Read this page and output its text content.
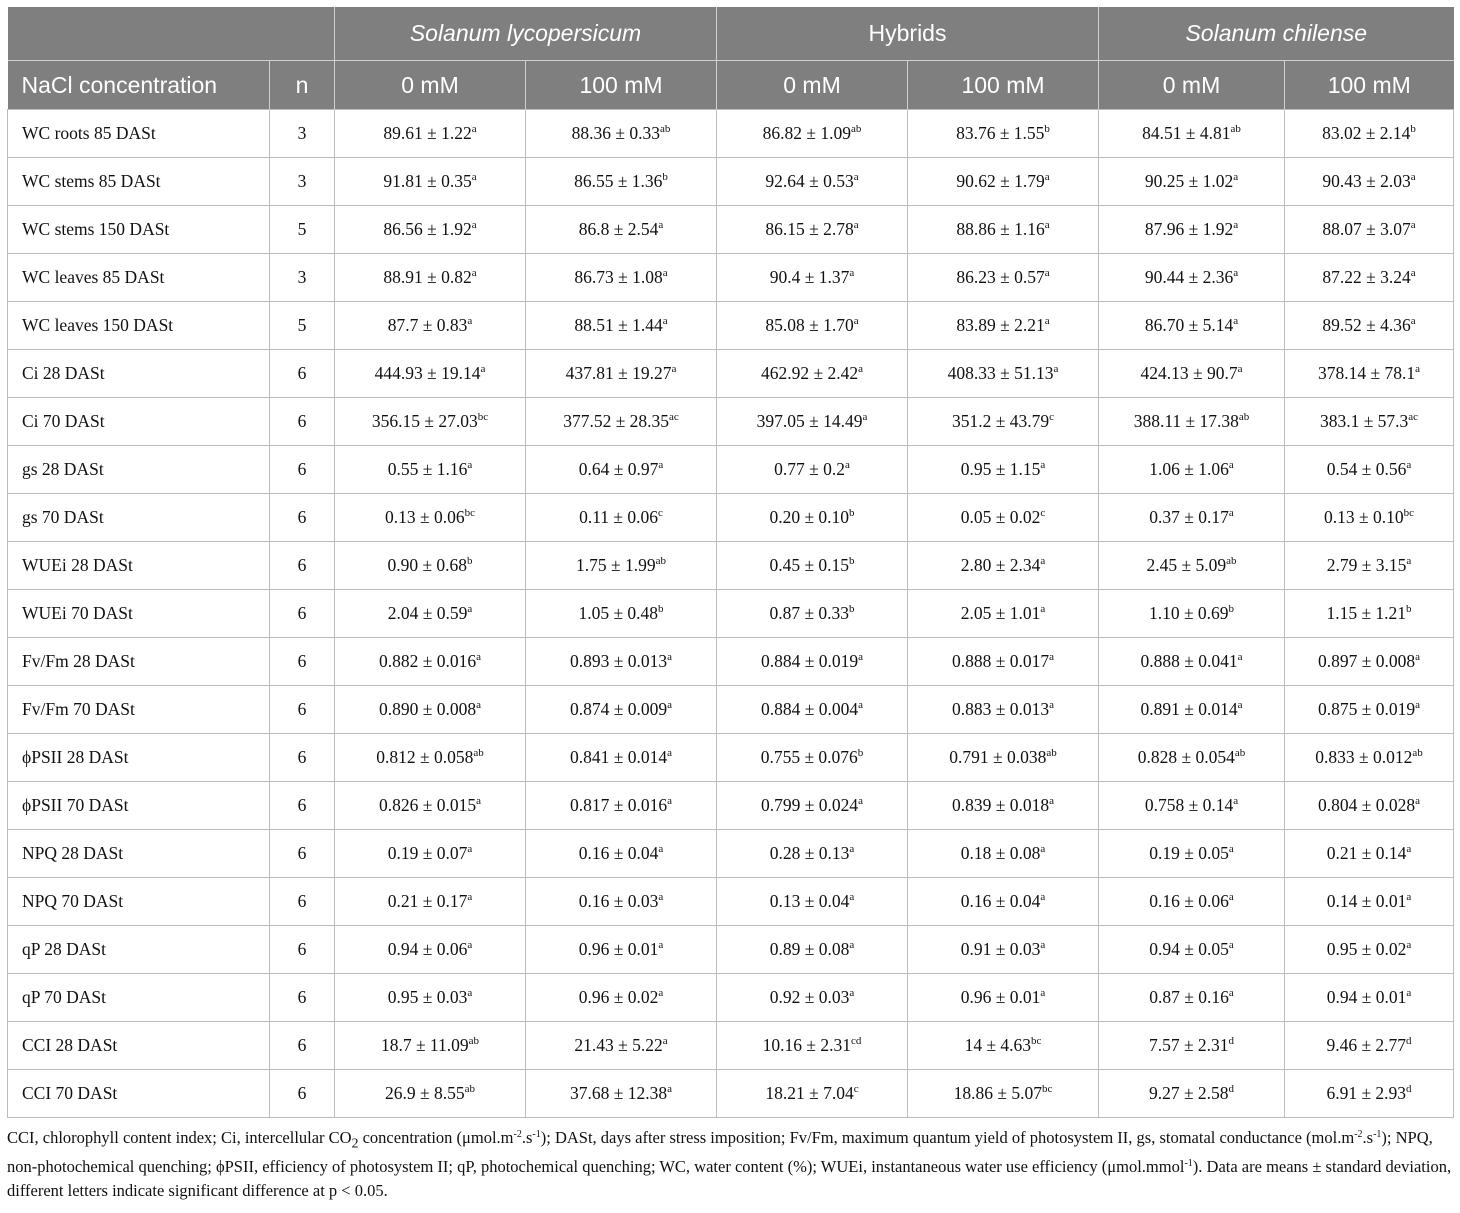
		Solanum lycopersicum		Hybrids		Solanum chilense	
NaCl concentration	n	0 mM	100 mM	0 mM	100 mM	0 mM	100 mM
WC roots 85 DASt	3	89.61 ± 1.22$^a$	88.36 ± 0.33$^{ab}$	86.82 ± 1.09$^{ab}$	83.76 ± 1.55$^b$	84.51 ± 4.81$^{ab}$	83.02 ± 2.14$^b$
WC stems 85 DASt	3	91.81 ± 0.35$^a$	86.55 ± 1.36$^b$	92.64 ± 0.53$^a$	90.62 ± 1.79$^a$	90.25 ± 1.02$^a$	90.43 ± 2.03$^a$
WC stems 150 DASt	5	86.56 ± 1.92$^a$	86.8 ± 2.54$^a$	86.15 ± 2.78$^a$	88.86 ± 1.16$^a$	87.96 ± 1.92$^a$	88.07 ± 3.07$^a$
WC leaves 85 DASt	3	88.91 ± 0.82$^a$	86.73 ± 1.08$^a$	90.4 ± 1.37$^a$	86.23 ± 0.57$^a$	90.44 ± 2.36$^a$	87.22 ± 3.24$^a$
WC leaves 150 DASt	5	87.7 ± 0.83$^a$	88.51 ± 1.44$^a$	85.08 ± 1.70$^a$	83.89 ± 2.21$^a$	86.70 ± 5.14$^a$	89.52 ± 4.36$^a$
Ci 28 DASt	6	444.93 ± 19.14$^a$	437.81 ± 19.27$^a$	462.92 ± 2.42$^a$	408.33 ± 51.13$^a$	424.13 ± 90.7$^a$	378.14 ± 78.1$^a$
Ci 70 DASt	6	356.15 ± 27.03$^{bc}$	377.52 ± 28.35$^{ac}$	397.05 ± 14.49$^a$	351.2 ± 43.79$^c$	388.11 ± 17.38$^{ab}$	383.1 ± 57.3$^{ac}$
gs 28 DASt	6	0.55 ± 1.16$^a$	0.64 ± 0.97$^a$	0.77 ± 0.2$^a$	0.95 ± 1.15$^a$	1.06 ± 1.06$^a$	0.54 ± 0.56$^a$
gs 70 DASt	6	0.13 ± 0.06$^{bc}$	0.11 ± 0.06$^c$	0.20 ± 0.10$^b$	0.05 ± 0.02$^c$	0.37 ± 0.17$^a$	0.13 ± 0.10$^{bc}$
WUEi 28 DASt	6	0.90 ± 0.68$^b$	1.75 ± 1.99$^{ab}$	0.45 ± 0.15$^b$	2.80 ± 2.34$^a$	2.45 ± 5.09$^{ab}$	2.79 ± 3.15$^a$
WUEi 70 DASt	6	2.04 ± 0.59$^a$	1.05 ± 0.48$^b$	0.87 ± 0.33$^b$	2.05 ± 1.01$^a$	1.10 ± 0.69$^b$	1.15 ± 1.21$^b$
Fv/Fm 28 DASt	6	0.882 ± 0.016$^a$	0.893 ± 0.013$^a$	0.884 ± 0.019$^a$	0.888 ± 0.017$^a$	0.888 ± 0.041$^a$	0.897 ± 0.008$^a$
Fv/Fm 70 DASt	6	0.890 ± 0.008$^a$	0.874 ± 0.009$^a$	0.884 ± 0.004$^a$	0.883 ± 0.013$^a$	0.891 ± 0.014$^a$	0.875 ± 0.019$^a$
ϕPSII 28 DASt	6	0.812 ± 0.058$^{ab}$	0.841 ± 0.014$^a$	0.755 ± 0.076$^b$	0.791 ± 0.038$^{ab}$	0.828 ± 0.054$^{ab}$	0.833 ± 0.012$^{ab}$
ϕPSII 70 DASt	6	0.826 ± 0.015$^a$	0.817 ± 0.016$^a$	0.799 ± 0.024$^a$	0.839 ± 0.018$^a$	0.758 ± 0.14$^a$	0.804 ± 0.028$^a$
NPQ 28 DASt	6	0.19 ± 0.07$^a$	0.16 ± 0.04$^a$	0.28 ± 0.13$^a$	0.18 ± 0.08$^a$	0.19 ± 0.05$^a$	0.21 ± 0.14$^a$
NPQ 70 DASt	6	0.21 ± 0.17$^a$	0.16 ± 0.03$^a$	0.13 ± 0.04$^a$	0.16 ± 0.04$^a$	0.16 ± 0.06$^a$	0.14 ± 0.01$^a$
qP 28 DASt	6	0.94 ± 0.06$^a$	0.96 ± 0.01$^a$	0.89 ± 0.08$^a$	0.91 ± 0.03$^a$	0.94 ± 0.05$^a$	0.95 ± 0.02$^a$
qP 70 DASt	6	0.95 ± 0.03$^a$	0.96 ± 0.02$^a$	0.92 ± 0.03$^a$	0.96 ± 0.01$^a$	0.87 ± 0.16$^a$	0.94 ± 0.01$^a$
CCI 28 DASt	6	18.7 ± 11.09$^{ab}$	21.43 ± 5.22$^a$	10.16 ± 2.31$^{cd}$	14 ± 4.63$^{bc}$	7.57 ± 2.31$^d$	9.46 ± 2.77$^d$
CCI 70 DASt	6	26.9 ± 8.55$^{ab}$	37.68 ± 12.38$^a$	18.21 ± 7.04$^c$	18.86 ± 5.07$^{bc}$	9.27 ± 2.58$^d$	6.91 ± 2.93$^d$
CCI, chlorophyll content index; Ci, intercellular $CO_2$ concentration $(\mu mol.m^{-2}.s^{-1})$; DASt, days after stress imposition; Fv/Fm, maximum quantum yield of photosystem II, gs, stomatal conductance $(mol.m^{-2}.s^{-1})$; NPQ, non-photochemical quenching; ϕPSII, efficiency of photosystem II; qP, photochemical quenching; WC, water content (%); WUEi, instantaneous water use efficiency (μmol.mmol$^{-1}$). Data are means ± standard deviation, different letters indicate significant difference at p < 0.05.
